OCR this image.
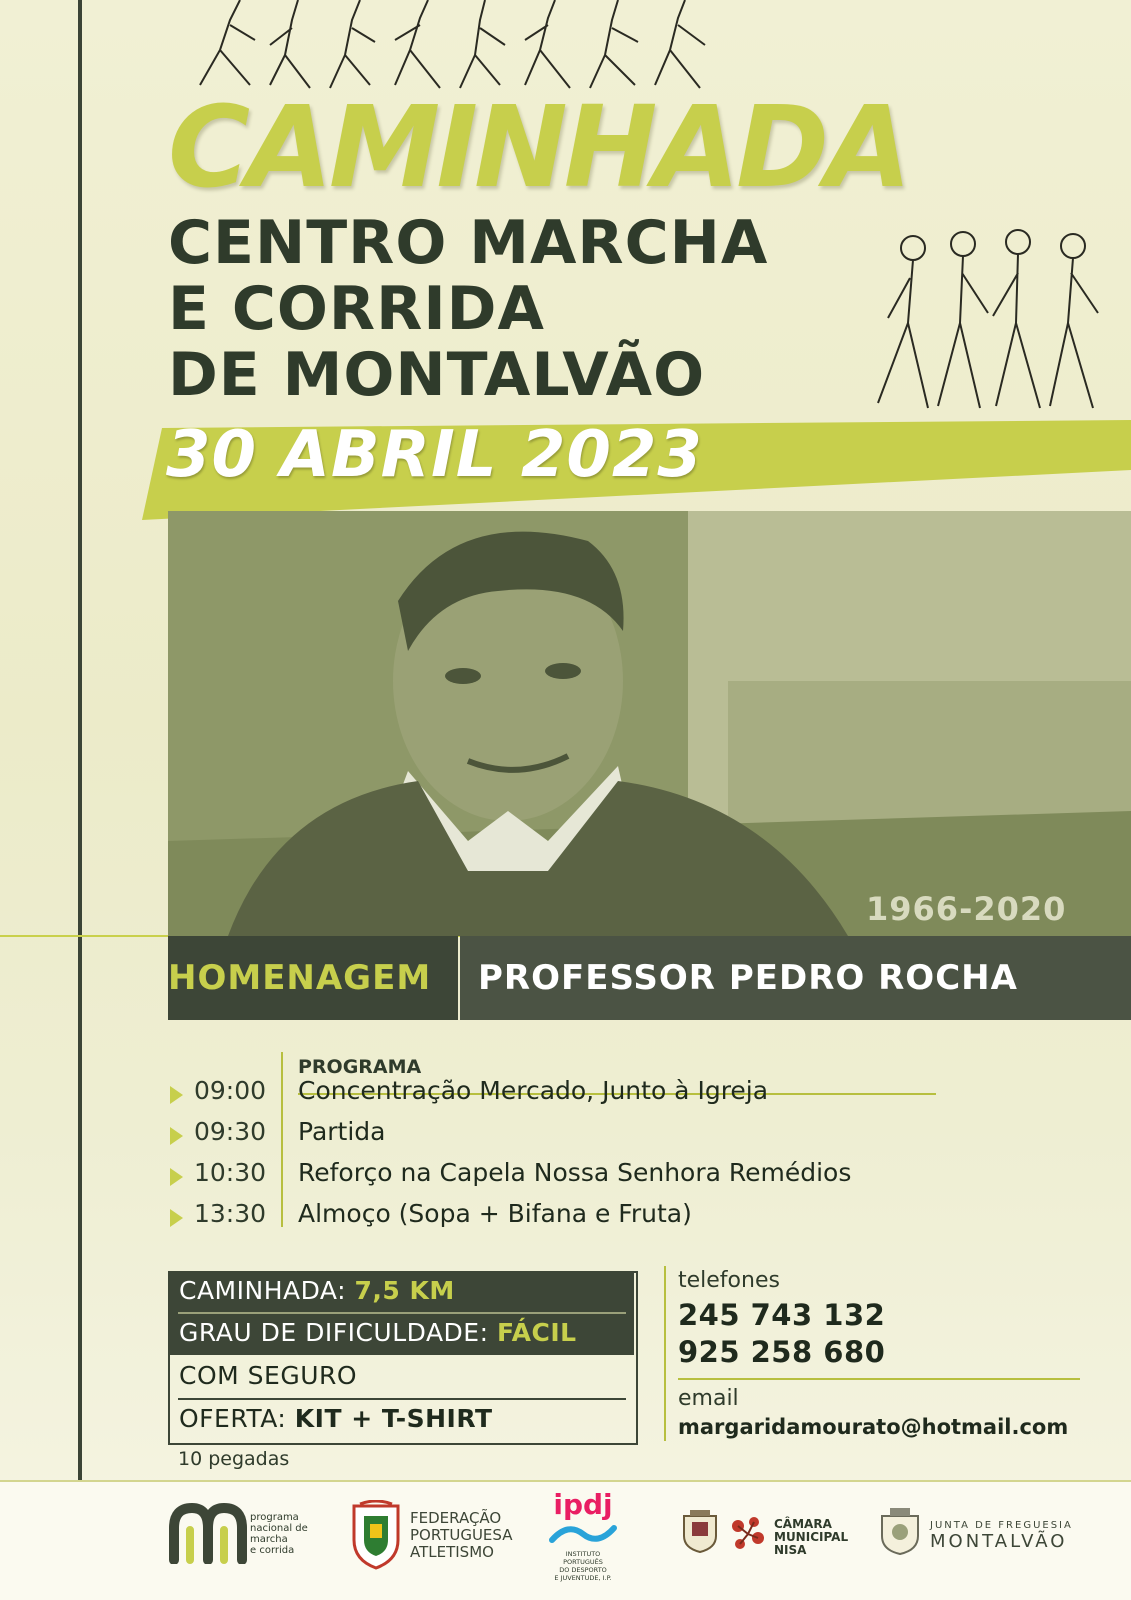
CAMINHADA
CENTRO MARCHA
E CORRIDA
DE MONTALVÃO
30 ABRIL 2023
1966-2020
HOMENAGEM PROFESSOR PEDRO ROCHA
PROGRAMA
09:00 Concentração Mercado, Junto à Igreja
09:30 Partida
10:30 Reforço na Capela Nossa Senhora Remédios
13:30 Almoço (Sopa + Bifana e Fruta)
CAMINHADA: 7,5 KM
GRAU DE DIFICULDADE: FÁCIL
COM SEGURO
OFERTA: KIT + T-SHIRT
10 pegadas
telefones
245 743 132
925 258 680
email
margaridamourato@hotmail.com
programa
nacional de
marcha
e corrida
FEDERAÇÃO
PORTUGUESA
ATLETISMO
ipdj
INSTITUTO PORTUGUÊS
DO DESPORTO
E JUVENTUDE, I.P.
CÂMARA
MUNICIPAL
NISA
JUNTA DE FREGUESIA
MONTALVÃO
